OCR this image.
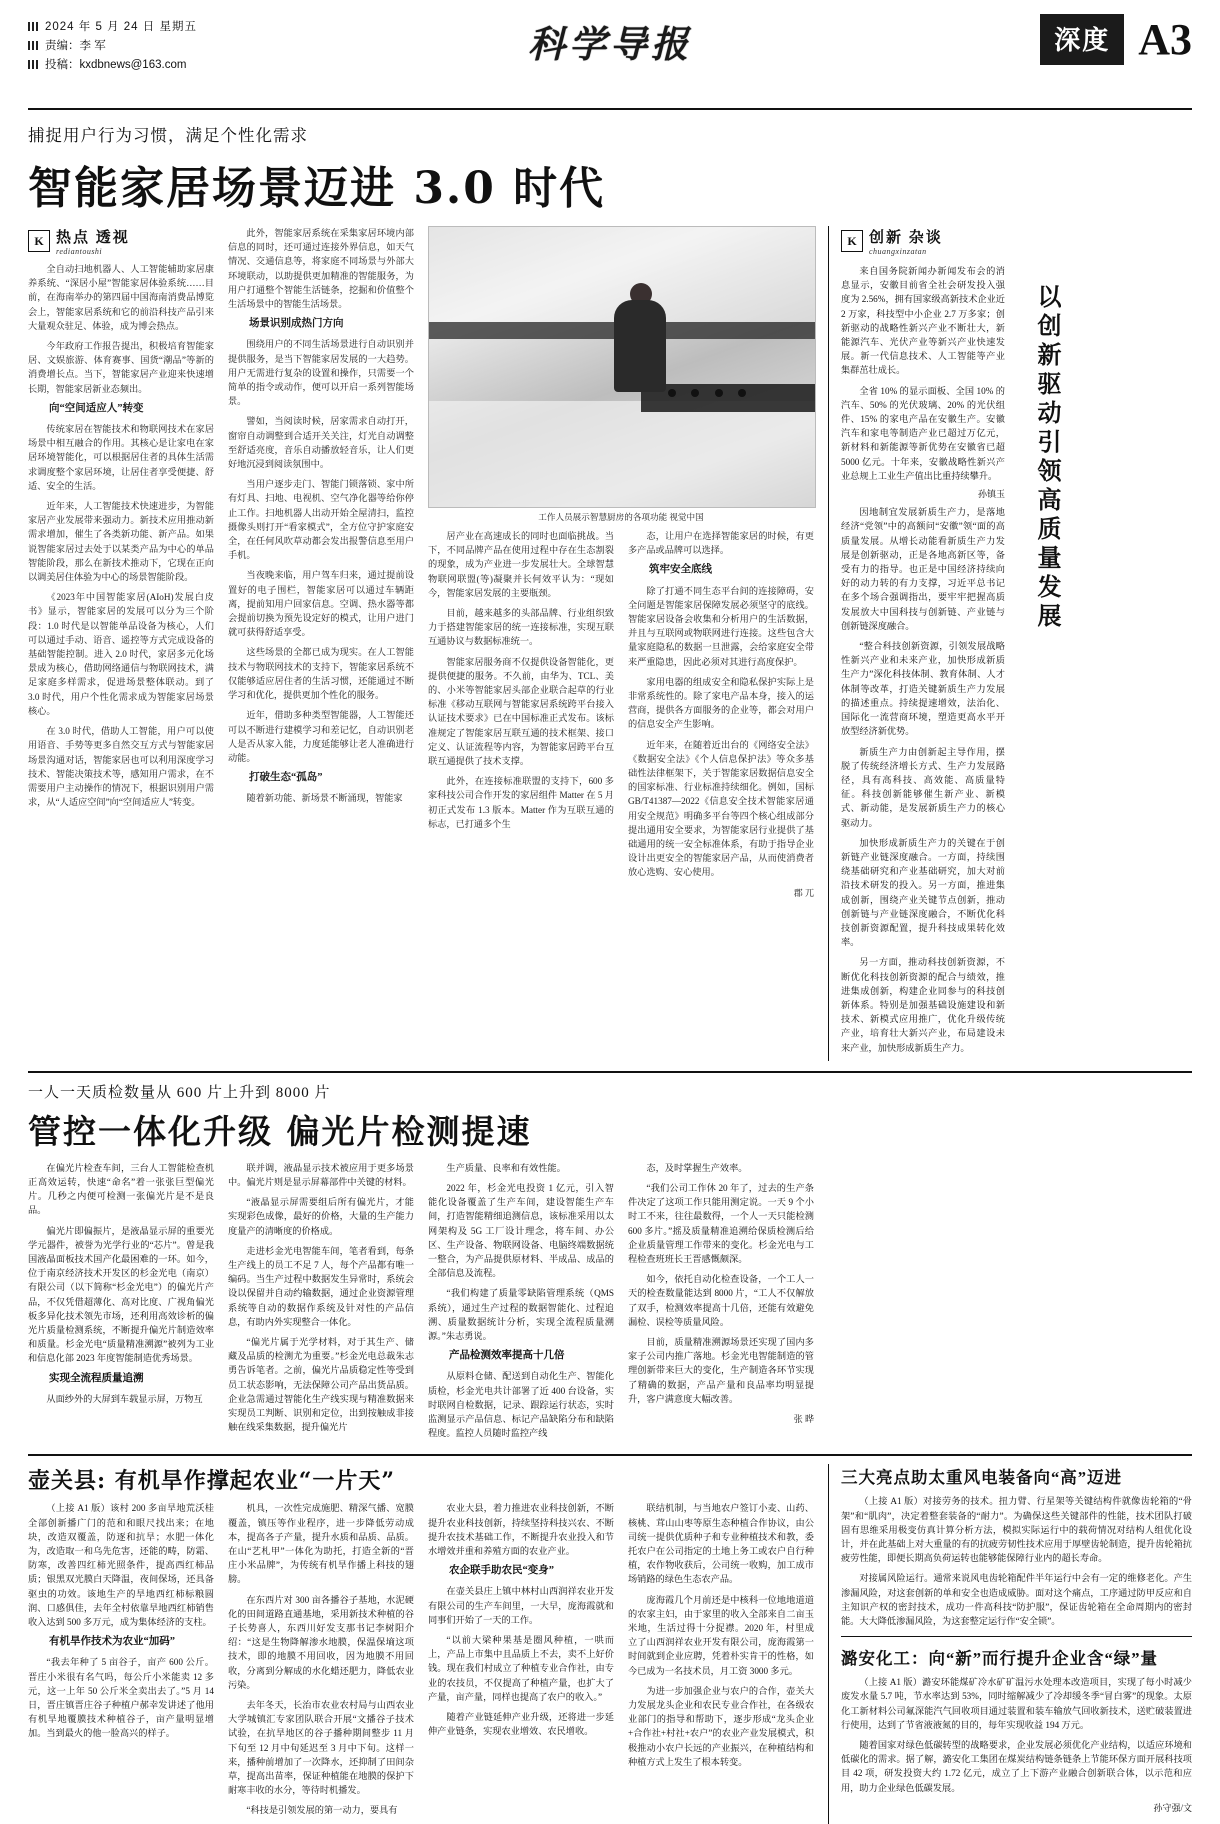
2024 年 5 月 24 日 星期五
责编：李 军
投稿：kxdbnews@163.com	科学导报	深度 A3
捕捉用户行为习惯，满足个性化需求
智能家居场景迈进 3.0 时代
K 热点 透视
rediantoushi

全自动扫地机器人、人工智能辅助家居康养系统、“深居小屋”智能家居体验系统……目前，在海南举办的第四届中国海南消费品博览会上，智能家居系统和它的前沿科技产品引来大量观众驻足、体验，成为博会热点。

今年政府工作报告提出，积极培育智能家居、文娱旅游、体育赛事、国货“潮品”等新的消费增长点。当下，智能家居产业迎来快速增长期，智能家居新业态频出。

向“空间适应人”转变

传统家居在智能技术和物联网技术在家居场景中相互融合的作用。其核心是让家电在家居环境智能化，可以根据居住者的具体生活需求调度整个家居环境，让居住者享受便捷、舒适、安全的生活。

近年来，人工智能技术快速进步，为智能家居产业发展带来强动力。新技术应用推动新需求增加，催生了各类新功能、新产品。如果说智能家居过去处于以某类产品为中心的单品智能阶段，那么在新技术推动下，它现在正向以调美居住体验为中心的场景智能阶段。

《2023年中国智能家居(AIoH)发展白皮书》显示，智能家居的发展可以分为三个阶段：1.0 时代是以智能单品设备为核心，人们可以通过手动、语音、遥控等方式完成设备的基础智能控制。进入 2.0 时代，家居多元化场景成为核心，借助网络通信与物联网技术，满足家庭多样需求，促进场景整体联动。到了 3.0 时代，用户个性化需求成为智能家居场景核心。

在 3.0 时代，借助人工智能，用户可以使用语音、手势等更多自然交互方式与智能家居场景沟通对话，智能家居也可以利用深度学习技术、智能决策技术等，感知用户需求，在不需要用户主动操作的情况下，根据识别用户需求，从“人适应空间”向“空间适应人”转变。

此外，智能家居系统在采集家居环境内部信息的同时，还可通过连接外界信息，如天气情况、交通信息等，将家庭不同场景与外部大环境联动，以助提供更加精准的智能服务，为用户打通整个智能生活链条，挖掘和价值整个生活场景中的智能生活场景。

场景识别成热门方向

围绕用户的不同生活场景进行自动识别并提供服务，是当下智能家居发展的一大趋势。用户无需进行复杂的设置和操作，只需要一个简单的指令或动作，便可以开启一系列智能场景。

譬如，当阅读时候，居家需求自动打开，窗帘自动调整到合适开关关注，灯光自动调整至舒适亮度，音乐自动播放轻音乐，让人们更好地沉浸到阅读氛围中。

当用户逐步走门、智能门锁落锁、家中所有灯具、扫地、电视机、空气净化器等给你停止工作。扫地机器人出动开始全屋清扫，监控摄像头则打开“看家模式”，全方位守护家庭安全，在任何风吹草动都会发出报警信息至用户手机。

当夜晚来临，用户驾车归来，通过提前设置好的电子围栏，智能家居可以通过车辆距离，提前知用户回家信息。空调、热水器等都会提前切换为预先设定好的模式，让用户进门就可获得舒适享受。

这些场景的全都已成为现实。在人工智能技术与物联网技术的支持下，智能家居系统不仅能够适应居住者的生活习惯，还能通过不断学习和优化，提供更加个性化的服务。

近年，借助多种类型智能器，人工智能还可以不断进行建模学习和差记忆，自动识别老人是否从家入能，力度延能够让老人准确进行动能。

打破生态“孤岛”

随着新功能、新场景不断涌现，智能家

工作人员展示智慧厨房的各项功能 视觉中国

居产业在高速成长的同时也面临挑战。当下，不同品牌产品在使用过程中存在生态割裂的现象，成为产业进一步发展壮大。全球智慧物联网联盟(等)凝聚并长何效平认为：“现如今，智能家居发展的主要瓶颈。

目前，越来越多的头部品牌、行业组织致力于搭建智能家居的统一连接标准，实现互联互通协议与数据标准统一。

智能家居服务商不仅提供设备智能化，更提供便捷的服务。不久前，由华为、TCL、美的、小米等智能家居头部企业联合起草的行业标准《移动互联网与智能家居系统跨平台接入认证技术要求》已在中国标准正式发布。该标准规定了智能家居互联互通的技术框架、接口定义、认证流程等内容，为智能家居跨平台互联互通提供了技术支撑。

此外，在连接标准联盟的支持下，600 多家科技公司合作开发的家居组件 Matter 在 5 月初正式发布 1.3 版本。Matter 作为互联互通的标志，已打通多个生

态，让用户在选择智能家居的时候，有更多产品或品牌可以选择。

筑牢安全底线

除了打通不同生态平台间的连接障碍，安全问题是智能家居保障发展必须坚守的底线。智能家居设备会收集和分析用户的生活数据，并且与互联网或物联网进行连接。这些包含大量家庭隐私的数据一旦泄露，会给家庭安全带来严重隐患，因此必须对其进行高度保护。

家用电器的组成安全和隐私保护实际上是非常系统性的。除了家电产品本身，接入的运营商，提供各方面服务的企业等，都会对用户的信息安全产生影响。

近年来，在随着近出台的《网络安全法》《数据安全法》《个人信息保护法》等众多基础性法律框架下，关于智能家居数据信息安全的国家标准、行业标准持续细化。例如，国标 GB/T41387—2022《信息安全技术智能家居通用安全规范》明确多平台等四个核心组成部分提出通用安全要求，为智能家居行业提供了基础通用的统一安全标准体系，有助于指导企业设计出更安全的智能家居产品，从而使消费者放心选购、安心使用。

郡 兀
K 创新 杂谈
chuangxinzatan
以创新驱动引领高质量发展

来自国务院新闻办新闻发布会的消息显示，安徽目前省全社会研发投入强度为 2.56%，拥有国家级高新技术企业近 2 万家，科技型中小企业 2.7 万多家；创新驱动的战略性新兴产业不断壮大，新能源汽车、光伏产业等新兴产业快速发展。新一代信息技术、人工智能等产业集群茁壮成长。

全省 10% 的显示面板、全国 10% 的汽车、50% 的光伏玻璃、20% 的光伏组件、15% 的家电产品在安徽生产。安徽汽车和家电等制造产业已超过万亿元，新材料和新能源等新优势在安徽省已超 5000 亿元。十年来，安徽战略性新兴产业总规上工业生产值出比重持续攀升。

孙镇玉

因地制宜发展新质生产力，是落地经济“党领”中的高额问“安徽”领“面的高质量发展。从增长动能看新质生产力发展是创新驱动，正是各地高新区等，备受有力的指导。也正是中国经济持续向好的动力转的有力支撑，习近平总书记在多个场合强调指出，要牢牢把握高质发展放大中国科技与创新链、产业链与创新链深度融合。

“整合科技创新资源，引领发展战略性新兴产业和未来产业，加快形成新质生产力”深化科技体制、教育体制、人才体制等改革，打造关键新质生产力发展的描述重点。持续提速增效，法治化、国际化一流营商环境，塑造更高水平开放型经济新优势。

新质生产力由创新起主导作用，摆脱了传统经济增长方式、生产力发展路径，具有高科技、高效能、高质量特征。科技创新能够催生新产业、新模式、新动能，是发展新质生产力的核心驱动力。

加快形成新质生产力的关键在于创新链产业链深度融合。一方面，持续围绕基础研究和产业基础研究，加大对前沿技术研发的投入。另一方面，推进集成创新，围绕产业关键节点创新，推动创新链与产业链深度融合，不断优化科技创新资源配置，提升科技成果转化效率。

另一方面，推动科技创新资源，不断优化科技创新资源的配合与绩效，推进集成创新，构建企业同参与的科技创新体系。特别是加强基础设施建设和新技术、新模式应用推广，优化升级传统产业，培育壮大新兴产业，布局建设未来产业，加快形成新质生产力。

一人一天质检数量从 600 片上升到 8000 片
管控一体化升级 偏光片检测提速

在偏光片检查车间，三台人工智能检查机正高效运转，快速“命名”着一张张巨型偏光片。几秒之内便可检测一张偏光片是不是良品。

偏光片即偏振片，是液晶显示屏的重要光学元器件，被誉为光学行业的“芯片”。曾是我国液晶面板技术国产化最困难的一环。如今，位于南京经济技术开发区的杉金光电（南京）有限公司（以下简称“杉金光电”）的偏光片产品，不仅凭借超薄化、高对比度、广视角偏光板多异化技术领先市场，还利用高效诊析的偏光片质量检测系统，不断提升偏光片制造效率和质量。杉金光电“质量精准溯源”被列为工业和信息化部 2023 年度智能制造优秀场景。

实现全流程质量追溯

从面纱外的大屏到车载显示屏，万物互

联并调，液晶显示技术被应用于更多场景中。偏光片则是显示屏幕部件中关键的材料。

“液晶显示屏需要组后所有偏光片，才能实现彩色成像，最好的价格，大量的生产能力度量产的清晰度的价格成。

走进杉金光电智能车间，笔者看到，每条生产线上的员工不足 7 人，每个产品都有唯一编码。当生产过程中数据发生异常时，系统会设以保留并自动约输数据，通过企业资源管理系统等自动的数据作系统及针对性的产品信息，有助内外实现整合一体化。

“偏光片属于光学材料，对于其生产、储藏及品质的检测尤为重要。”杉金光电总裁朱志勇告诉笔者。之前，偏光片品质稳定性等受到员工状态影响，无法保障公司产品出货品质。企业急需通过智能化生产线实现与精准数据来实现员工判断、识别和定位，出到按触成非接触在线采集数据，提升偏光片

生产质量、良率和有效性能。

2022 年，杉金光电投资 1 亿元，引入智能化设备覆盖了生产车间，建设智能生产车间，打造智能精细追测信息，该标准采用以太网架构及 5G 工厂设计理念，将车间、办公区、生产设备、物联网设备、电脑终端数据统一整合，为产品提供原材料、半成品、成品的全部信息及流程。

“我们构建了质量零缺陷管理系统（QMS 系统），通过生产过程的数据智能化、过程追溯、质量数据统计分析，实现全流程质量溯源。”朱志勇说。

产品检测效率提高十几倍

从原料仓储、配送到自动化生产、智能化质检，杉金光电共计部署了近 400 台设备，实时联网自检数据，记录、跟踪运行状态，实时监测显示产品信息、标记产品缺陷分布和缺陷程度。监控人员随时监控产线

态，及时掌握生产效率。

“我们公司工作休 20 年了，过去的生产条件决定了这项工作只能用测定说。一天 9 个小时工不来，往往最数得，一个人一天只能检测 600 多片。”摇及质量精准追溯给保质检测后给企业质量管理工作带来的变化。杉金光电与工程检查班班长王晋感慨颇深。

如今，依托自动化检查设备，一个工人一天的检查数量能达到 8000 片，“工人不仅解放了双手，检测效率提高十几倍，还能有效避免漏检、误检等质量风险。

目前，质量精准溯源场景还实现了国内多家子公司内推广落地。杉金光电智能制造的管理创新带来巨大的变化，生产制造各环节实现了精确的数据，产品产量和良品率均明显提升，客户满意度大幅改善。

张 晔
壶关县: 有机旱作撑起农业“一片天”

（上接 A1 版）该村 200 多亩旱地荒沃桂全部创新播广门的范和和眼尺找出来；在地块，改造双覆盖，防逐和抗旱；水肥一体化为，改造取一和乌先危害，还能的畴，防霜、防寒，改善四红柿光照条件，提高西红柿品质；银黑双光膜白天降温，夜间保场，还具备驱虫的功效。该地生产的旱地西红柿标粮圆润、口感俱佳，去年全村依靠旱地西红柿销售收入达到 500 多万元，成为集体经济的支柱。

有机旱作技术为农业“加码”

“我去年种了 5 亩谷子，亩产 600 公斤。晋庄小米很有名气吗，每公斤小米能卖 12 多元，这一上年 50 公斤米全卖出去了。”5 月 14 日，晋庄镇晋庄谷子种植户郝幸发讲述了他用有机旱地覆膜技术种植谷子，亩产量明显增加。当到最火的他一脸高兴的样子。

机具，一次性完成施肥、精深气播、宽膜覆盖，镇压等作业程序，进一步降低劳动成本，提高各子产量，提升水质和品质、品质。在山“艺札甲”一体化为助托，打造全新的“晋庄小米品牌”，为传统有机旱作播上科技的翅膀。

在东西片对 300 亩各播谷子基地，水泥硬化的田间道路直通基地，采用新技术种植的谷子长势喜人，东西川好发支那书记李树阳介绍：“这是生物降解渗水地膜，保温保墒这项技术，即的地膜不用回收，因为地膜不用回收，分离到分解成的水化蜡还肥力，降低农业污染。

去年冬天，长治市农业农村局与山西农业大学城镇汇专家团队联合开展“文播谷子技术试验，在抗旱地区的谷子播种期间整步 11 月下旬至 12 月中旬延迟至 3 月中下旬。这样一来，播种前增加了一次降水，还抑制了田间杂草，提高出苗率，保证种植能在地膜的保护下耐寒丰收的水分，等待时机播发。

“科技是引领发展的第一动力，要具有

农业大县，着力推进农业科技创新，不断提升农业科技创新，持续坚持科技兴农、不断提升农技术基础工作，不断提升农业投入和节水增效并重和养殖方面的农业产业。

农企联手助农民“变身”

在壶关县庄上镇中林村山西润祥农业开发有限公司的生产车间里，一大早，庞海霞就和同事们开始了一天的工作。

“以前大梁种果基是圈风种植，一哄而上，产品上市集中且品质上不去，卖不上好价钱。现在我们村成立了种植专业合作社，由专业的农技员，不仅提高了种植产量，也扩大了产量，亩产量，同样也提高了农户的收入。”

随着产业链延伸产业升级，还将进一步延伸产业链条，实现农业增效、农民增收。

联结机制，与当地农户签订小麦、山药、核桃、茸山山枣等原生态种植合作协议，由公司统一提供优质种子和专业种植技术和教，委托农户在公司指定的土地上务工或农户自行种植，农作物收获后，公司统一收购，加工成市场销路的绿色生态农产品。

庞海霞几个月前还是中核科一位地地道道的农家主妇，由于家里的收入全部来自二亩玉米地，生活过得十分捉襟。2020 年，村里成立了山西润祥农业开发有限公司，庞海霞第一时间就到企业应聘，凭着朴实肯干的性格，如今已成为一名技术员，月工资 3000 多元。

为进一步加强企业与农户的合作，壶关大力发展龙头企业和农民专业合作社，在各级农业部门的指导和帮助下，逐步形成“龙头企业+合作社+村社+农户”的农业产业发展模式，积极推动小农户长远的产业振兴，在种植结构和种植方式上发生了根本转变。

三大亮点助太重风电装备向“高”迈进

（上接 A1 版）对接劳务的技术。扭力臂、行星架等关键结构件就像齿轮箱的“骨架”和“肌肉”，决定着整套装备的“耐力”。为确保这些关键部件的性能，技术团队打破固有思维采用极变仿真计算分析方法，模拟实际运行中的载荷情况对结构人组优化设计，并在此基础上对大重量的有的抗疲劳韧性技术应用于厚壁齿轮制造，提升齿轮箱抗疲劳性能，即便长期高负荷运转也能够能保障行业内的超长寿命。

对接属风险运行。通常来说风电齿轮箱配件半年运行中会有一定的维修老化。产生渗漏风险，对这套创新的单和安全也造成威胁。面对这个痛点，工序通过防甲反应和自主知识产权的密封技术，成功一件高科技“防护服”，保证齿轮箱在全命周期内的密封能。大大降低渗漏风险，为这套整定运行作“安全锁”。

潞安化工：向“新”而行提升企业含“绿”量

（上接 A1 版）潞安环能煤矿冷水矿矿温污水处理本改造项目，实现了每小时减少废发水量 5.7 吨，节水率达到 53%，同时缩解减少了冷却缓冬季“冒白雾”的现象。太原化工新材料公司氟深能汽气回收项目通过装置和装车输放气回收新技术，送贮破装置进行使用，达到了节省液液氮的目的，每年实现收益 194 万元。

随着国家对绿色低碳转型的战略要求，企业发展必须优化产业结构，以适应环境和低碳化的需求。据了解，潞安化工集团在煤炭结构链条链条上节能环保方面开展科技项目 42 项，研发投资大约 1.72 亿元，成立了上下游产业融合创新联合体，以示范和应用，助力企业绿色低碳发展。

孙守强/文
